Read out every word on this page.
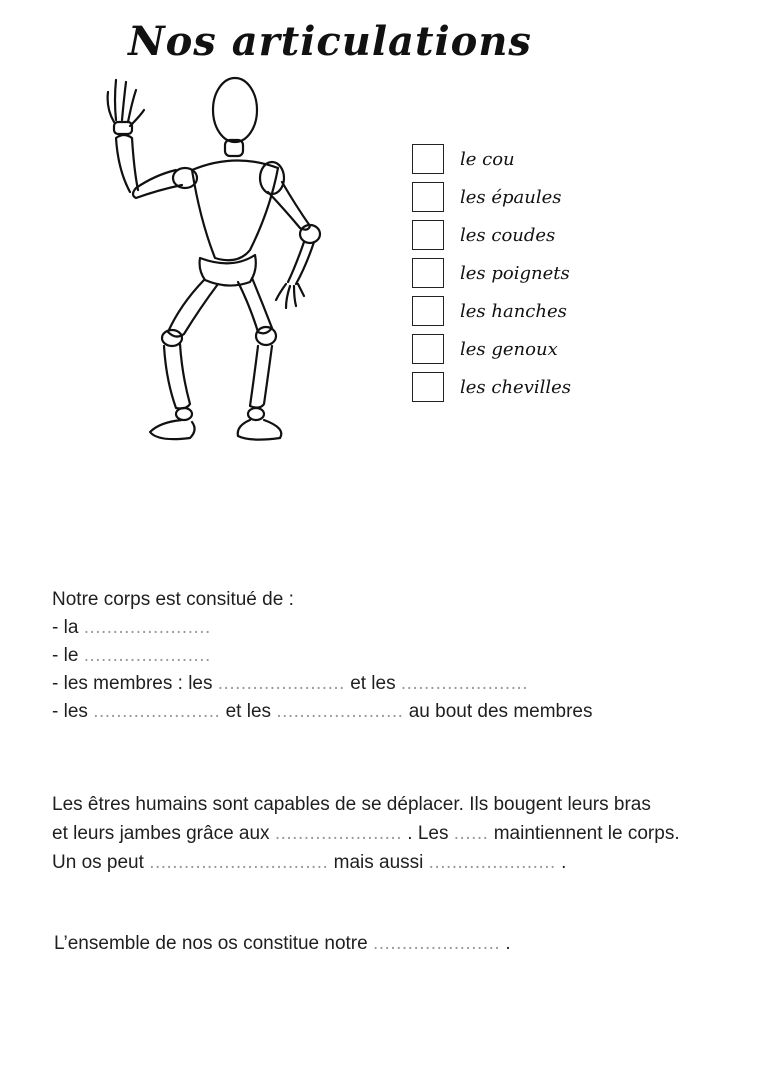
Nos articulations
le cou
les épaules
les coudes
les poignets
les hanches
les genoux
les chevilles
Notre corps est consitué de :
- la ......................
- le ......................
- les membres : les ...................... et les ......................
- les ...................... et les ...................... au bout des membres
Les êtres humains sont capables de se déplacer. Ils bougent leurs bras
et leurs jambes grâce aux ...................... . Les ...... maintiennent le corps.
Un os peut ............................... mais aussi ...................... .
L’ensemble de nos os constitue notre ...................... .
